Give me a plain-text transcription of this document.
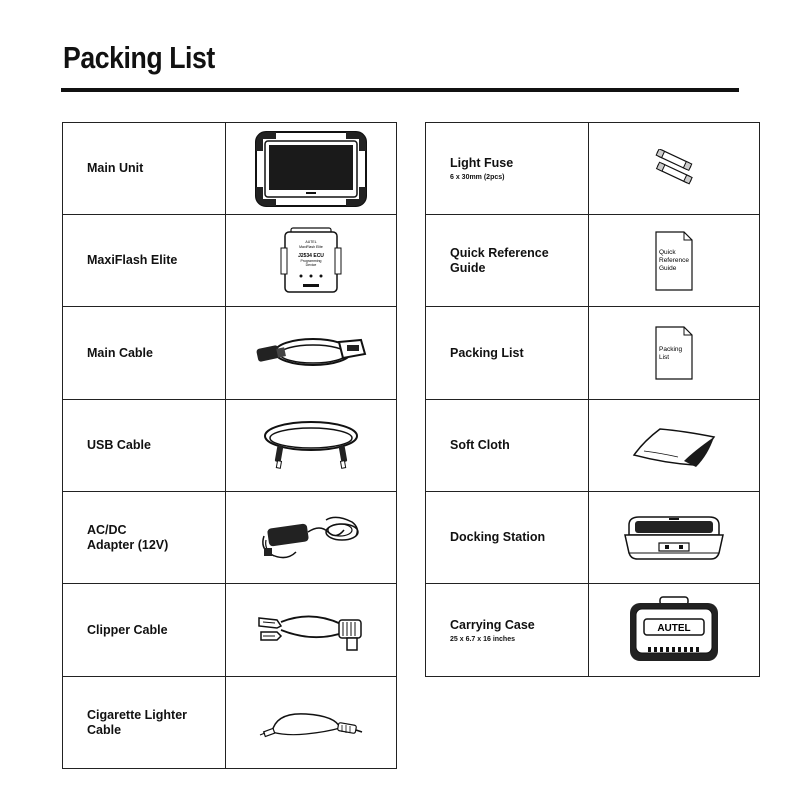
Packing List
Main Unit

MaxiFlash Elite	AUTEL
MaxiFlash Elite
J2534 ECU
Programming
Device

Main Cable

USB Cable

AC/DC
Adapter (12V)

Clipper Cable

Cigarette Lighter
Cable

Light Fuse
6 x 30mm (2pcs)

Quick Reference
Guide	Quick
Reference
Guide

Packing List	Packing
List

Soft Cloth

Docking Station

Carrying Case
25 x 6.7 x 16 inches	AUTEL
